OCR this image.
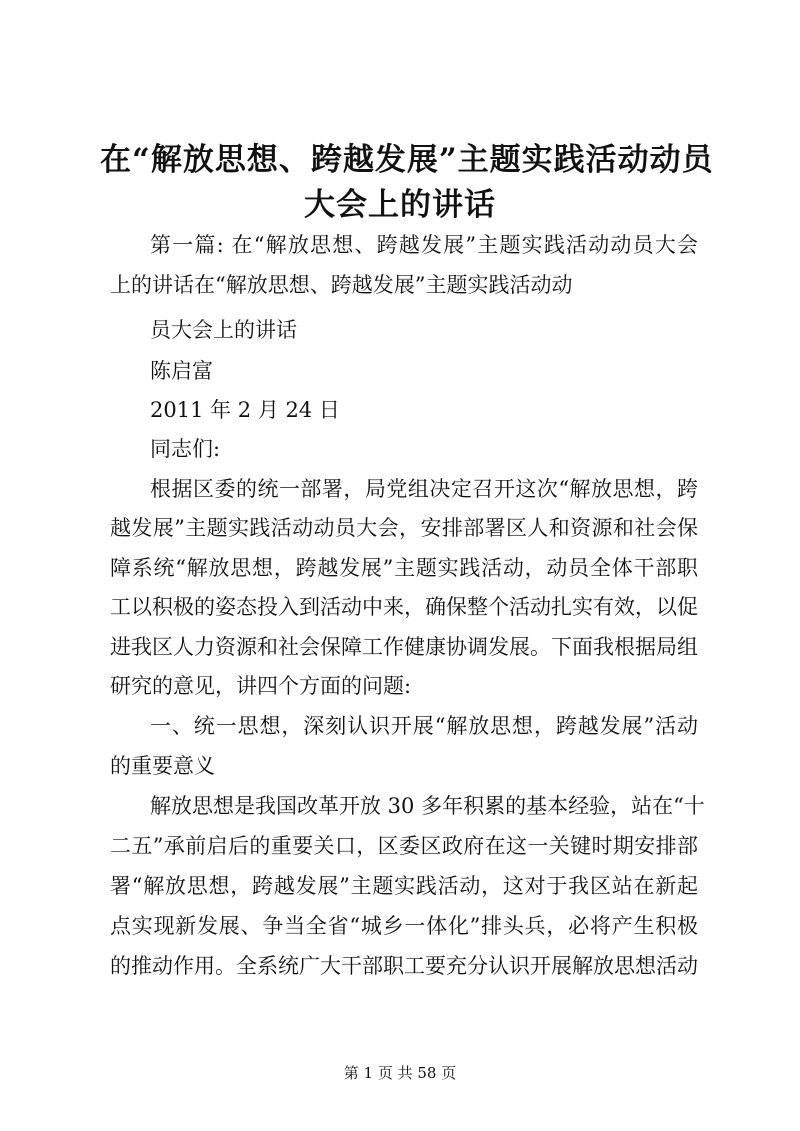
在“解放思想、跨越发展”主题实践活动动员
大会上的讲话
第一篇: 在“解放思想、跨越发展”主题实践活动动员大会
上的讲话在“解放思想、跨越发展”主题实践活动动
员大会上的讲话
陈启富
2011 年 2 月 24 日
同志们:
根据区委的统一部署，局党组决定召开这次“解放思想，跨
越发展”主题实践活动动员大会，安排部署区人和资源和社会保
障系统“解放思想，跨越发展”主题实践活动，动员全体干部职
工以积极的姿态投入到活动中来，确保整个活动扎实有效，以促
进我区人力资源和社会保障工作健康协调发展。下面我根据局组
研究的意见，讲四个方面的问题:
一、统一思想，深刻认识开展“解放思想，跨越发展”活动
的重要意义
解放思想是我国改革开放 30 多年积累的基本经验，站在“十
二五”承前启后的重要关口，区委区政府在这一关键时期安排部
署“解放思想，跨越发展”主题实践活动，这对于我区站在新起
点实现新发展、争当全省“城乡一体化”排头兵，必将产生积极
的推动作用。全系统广大干部职工要充分认识开展解放思想活动
第 1 页 共 58 页
